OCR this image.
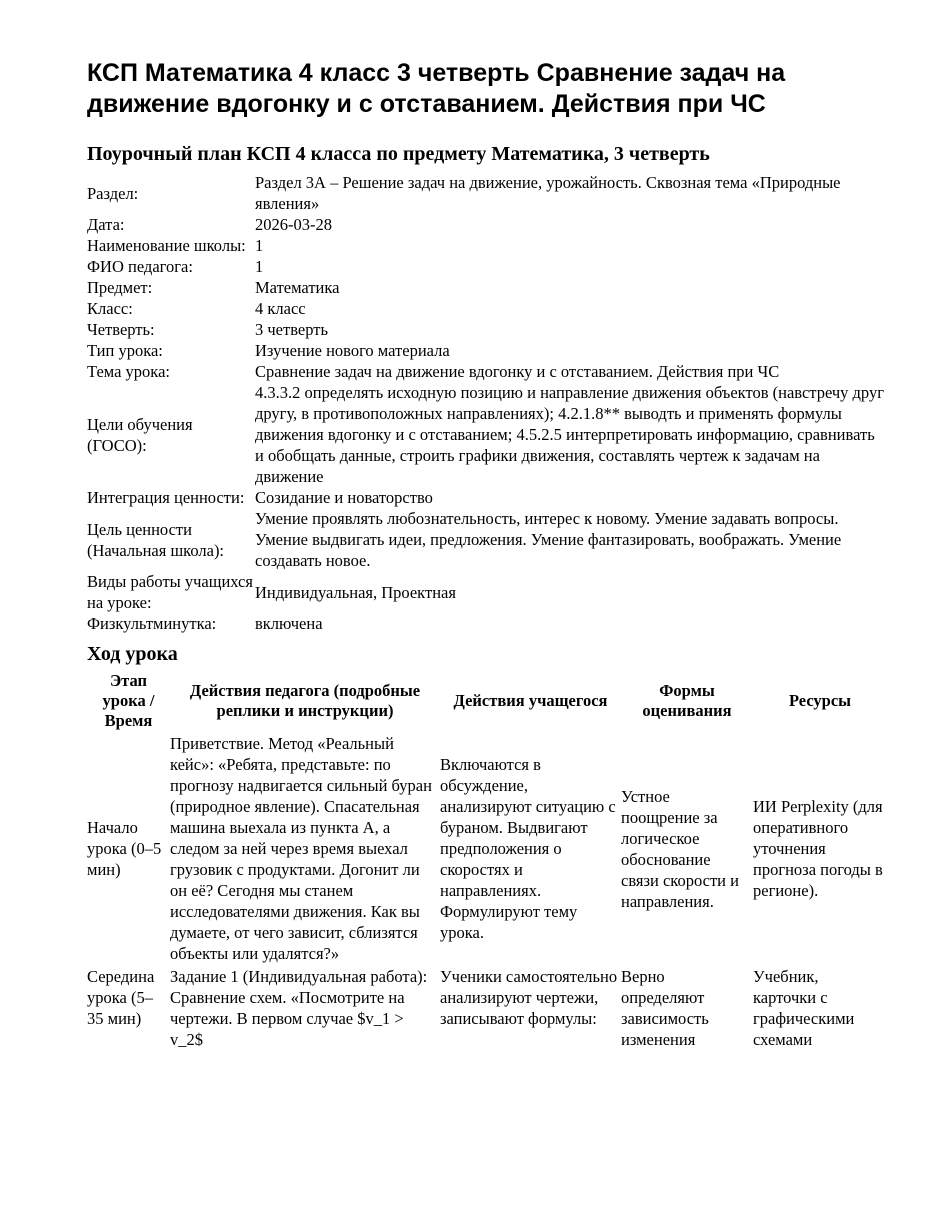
КСП Математика 4 класс 3 четверть Сравнение задач на движение вдогонку и с отставанием. Действия при ЧС
Поурочный план КСП 4 класса по предмету Математика, 3 четверть
Раздел:	Раздел 3А – Решение задач на движение, урожайность. Сквозная тема «Природные явления»
Дата:	2026-03-28
Наименование школы:	1
ФИО педагога:	1
Предмет:	Математика
Класс:	4 класс
Четверть:	3 четверть
Тип урока:	Изучение нового материала
Тема урока:	Сравнение задач на движение вдогонку и с отставанием. Действия при ЧС
Цели обучения (ГОСО):	4.3.3.2 определять исходную позицию и направление движения объектов (навстречу друг другу, в противоположных направлениях); 4.2.1.8** выводть и применять формулы движения вдогонку и с отставанием; 4.5.2.5 интерпретировать информацию, сравнивать и обобщать данные, строить графики движения, составлять чертеж к задачам на движение
Интеграция ценности:	Созидание и новаторство
Цель ценности (Начальная школа):	Умение проявлять любознательность, интерес к новому. Умение задавать вопросы. Умение выдвигать идеи, предложения. Умение фантазировать, воображать. Умение создавать новое.
Виды работы учащихся на уроке:	Индивидуальная, Проектная
Физкультминутка:	включена
Ход урока
Этап урока / Время	Действия педагога (подробные реплики и инструкции)	Действия учащегося	Формы оценивания	Ресурсы
Начало урока (0–5 мин)	Приветствие. Метод «Реальный кейс»: «Ребята, представьте: по прогнозу надвигается сильный буран (природное явление). Спасательная машина выехала из пункта А, а следом за ней через время выехал грузовик с продуктами. Догонит ли он её? Сегодня мы станем исследователями движения. Как вы думаете, от чего зависит, сблизятся объекты или удалятся?»	Включаются в обсуждение, анализируют ситуацию с бураном. Выдвигают предположения о скоростях и направлениях. Формулируют тему урока.	Устное поощрение за логическое обоснование связи скорости и направления.	ИИ Perplexity (для оперативного уточнения прогноза погоды в регионе).
Середина урока (5–35 мин)	Задание 1 (Индивидуальная работа): Сравнение схем. «Посмотрите на чертежи. В первом случае $v_1 > v_2$	Ученики самостоятельно анализируют чертежи, записывают формулы:	Верно определяют зависимость изменения	Учебник, карточки с графическими схемами
